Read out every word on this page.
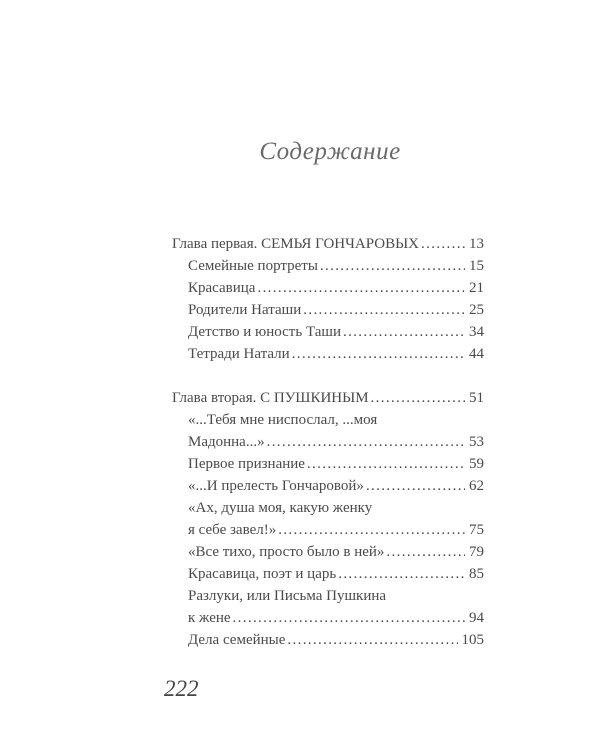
Содержание
Глава первая. СЕМЬЯ ГОНЧАРОВЫХ . . .	13
Семейные портреты . . .	15
Красавица . . .	21
Родители Наташи . . .	25
Детство и юность Таши . . .	34
Тетради Натали . . .	44
Глава вторая. С ПУШКИНЫМ . . .	51
«...Тебя мне ниспослал, ...моя
Мадонна...» . . .	53
Первое признание . . .	59
«...И прелесть Гончаровой» . . .	62
«Ах, душа моя, какую женку
я себе завел!» . . .	75
«Все тихо, просто было в ней» . . .	79
Красавица, поэт и царь . . .	85
Разлуки, или Письма Пушкина
к жене . . .	94
Дела семейные . . .	105
222
